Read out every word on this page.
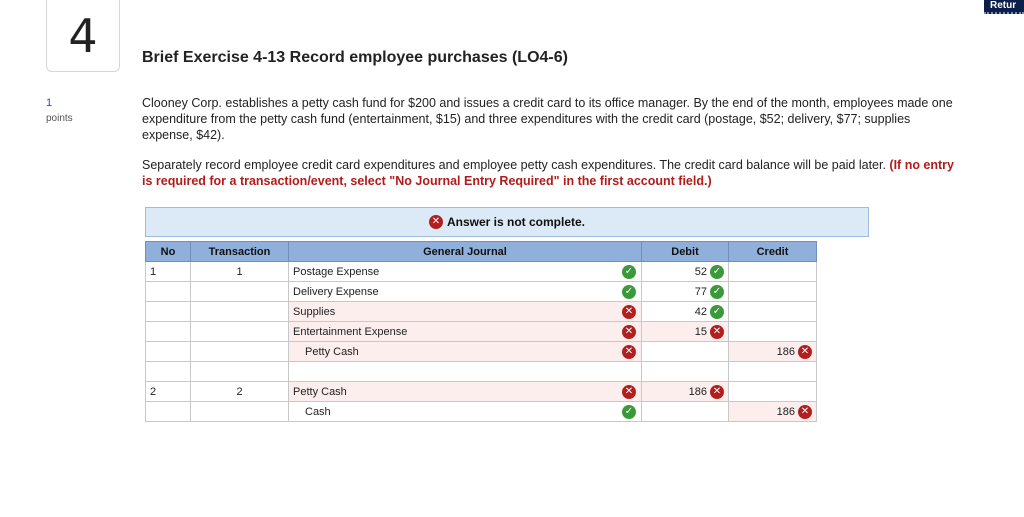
4
1
points
Retur
Brief Exercise 4-13 Record employee purchases (LO4-6)
Clooney Corp. establishes a petty cash fund for $200 and issues a credit card to its office manager. By the end of the month, employees made one expenditure from the petty cash fund (entertainment, $15) and three expenditures with the credit card (postage, $52; delivery, $77; supplies expense, $42).
Separately record employee credit card expenditures and employee petty cash expenditures. The credit card balance will be paid later. (If no entry is required for a transaction/event, select "No Journal Entry Required" in the first account field.)
✕ Answer is not complete.
No	Transaction	General Journal	Debit	Credit
1	1	Postage Expense ✓	52 ✓	

		Delivery Expense ✓	77 ✓	

		Supplies ✕	42 ✓	

		Entertainment Expense ✕	15 ✕	

		Petty Cash ✕		186 ✕

2	2	Petty Cash ✕	186 ✕	

		Cash ✓		186 ✕
